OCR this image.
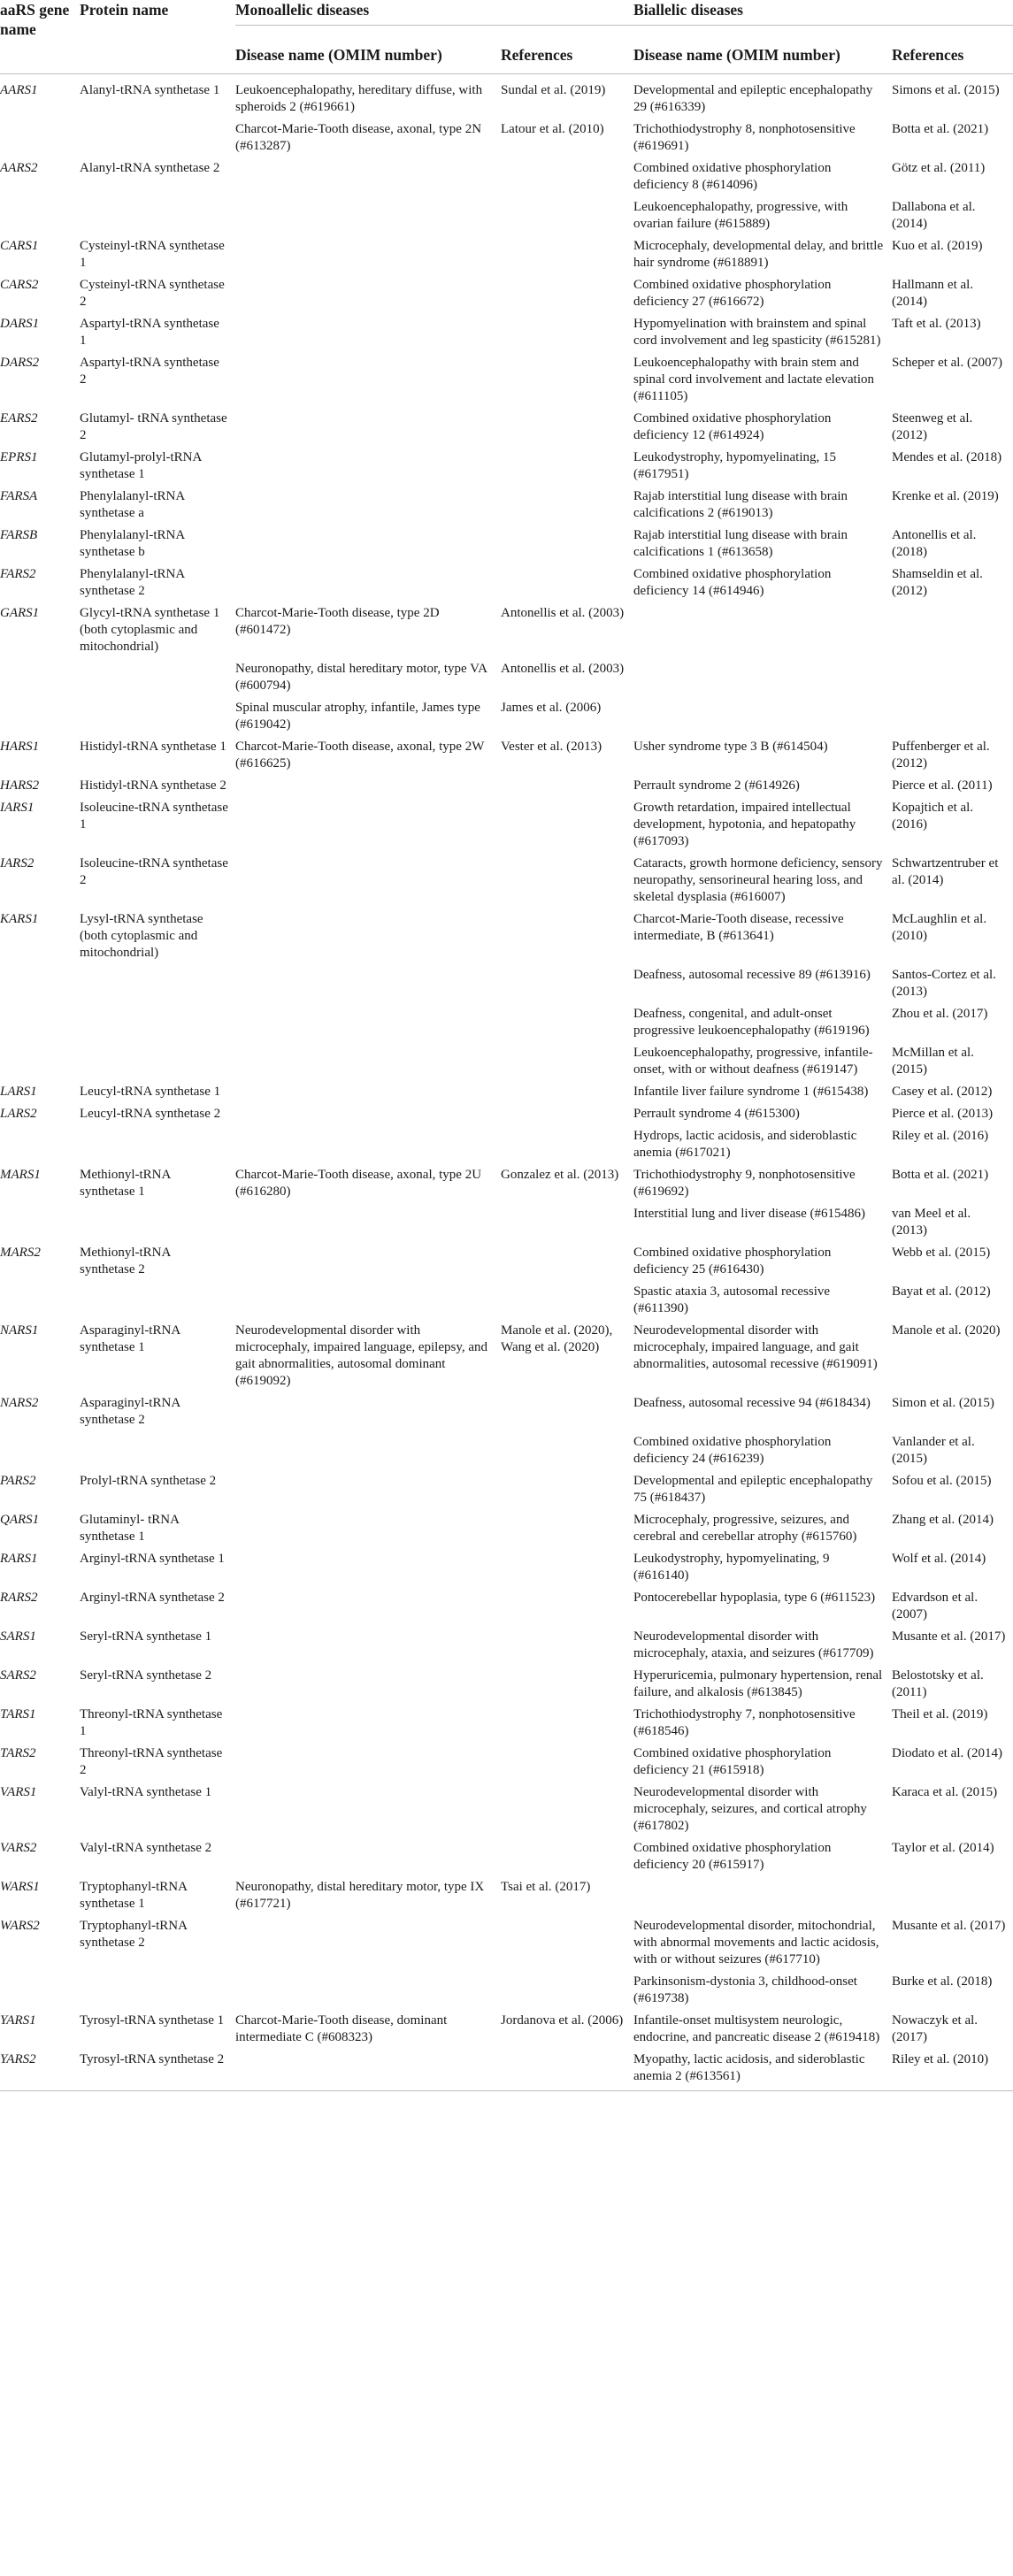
aaRS gene name	Protein name	Monoallelic diseases		Biallelic diseases	
		Disease name (OMIM number)	References	Disease name (OMIM number)	References
AARS1	Alanyl-tRNA synthetase 1	Leukoencephalopathy, hereditary diffuse, with spheroids 2 (#619661)	Sundal et al. (2019)	Developmental and epileptic encephalopathy 29 (#616339)	Simons et al. (2015)
		Charcot-Marie-Tooth disease, axonal, type 2N (#613287)	Latour et al. (2010)	Trichothiodystrophy 8, nonphotosensitive (#619691)	Botta et al. (2021)
AARS2	Alanyl-tRNA synthetase 2			Combined oxidative phosphorylation deficiency 8 (#614096)	Götz et al. (2011)
				Leukoencephalopathy, progressive, with ovarian failure (#615889)	Dallabona et al. (2014)
CARS1	Cysteinyl-tRNA synthetase 1			Microcephaly, developmental delay, and brittle hair syndrome (#618891)	Kuo et al. (2019)
CARS2	Cysteinyl-tRNA synthetase 2			Combined oxidative phosphorylation deficiency 27 (#616672)	Hallmann et al. (2014)
DARS1	Aspartyl-tRNA synthetase 1			Hypomyelination with brainstem and spinal cord involvement and leg spasticity (#615281)	Taft et al. (2013)
DARS2	Aspartyl-tRNA synthetase 2			Leukoencephalopathy with brain stem and spinal cord involvement and lactate elevation (#611105)	Scheper et al. (2007)
EARS2	Glutamyl- tRNA synthetase 2			Combined oxidative phosphorylation deficiency 12 (#614924)	Steenweg et al. (2012)
EPRS1	Glutamyl-prolyl-tRNA synthetase 1			Leukodystrophy, hypomyelinating, 15 (#617951)	Mendes et al. (2018)
FARSA	Phenylalanyl-tRNA synthetase a			Rajab interstitial lung disease with brain calcifications 2 (#619013)	Krenke et al. (2019)
FARSB	Phenylalanyl-tRNA synthetase b			Rajab interstitial lung disease with brain calcifications 1 (#613658)	Antonellis et al. (2018)
FARS2	Phenylalanyl-tRNA synthetase 2			Combined oxidative phosphorylation deficiency 14 (#614946)	Shamseldin et al. (2012)
GARS1	Glycyl-tRNA synthetase 1 (both cytoplasmic and mitochondrial)	Charcot-Marie-Tooth disease, type 2D (#601472)	Antonellis et al. (2003)		
		Neuronopathy, distal hereditary motor, type VA (#600794)	Antonellis et al. (2003)		
		Spinal muscular atrophy, infantile, James type (#619042)	James et al. (2006)		
HARS1	Histidyl-tRNA synthetase 1	Charcot-Marie-Tooth disease, axonal, type 2W (#616625)	Vester et al. (2013)	Usher syndrome type 3 B (#614504)	Puffenberger et al. (2012)
HARS2	Histidyl-tRNA synthetase 2			Perrault syndrome 2 (#614926)	Pierce et al. (2011)
IARS1	Isoleucine-tRNA synthetase 1			Growth retardation, impaired intellectual development, hypotonia, and hepatopathy (#617093)	Kopajtich et al. (2016)
IARS2	Isoleucine-tRNA synthetase 2			Cataracts, growth hormone deficiency, sensory neuropathy, sensorineural hearing loss, and skeletal dysplasia (#616007)	Schwartzentruber et al. (2014)
KARS1	Lysyl-tRNA synthetase (both cytoplasmic and mitochondrial)			Charcot-Marie-Tooth disease, recessive intermediate, B (#613641)	McLaughlin et al. (2010)
				Deafness, autosomal recessive 89 (#613916)	Santos-Cortez et al. (2013)
				Deafness, congenital, and adult-onset progressive leukoencephalopathy (#619196)	Zhou et al. (2017)
				Leukoencephalopathy, progressive, infantile-onset, with or without deafness (#619147)	McMillan et al. (2015)
LARS1	Leucyl-tRNA synthetase 1			Infantile liver failure syndrome 1 (#615438)	Casey et al. (2012)
LARS2	Leucyl-tRNA synthetase 2			Perrault syndrome 4 (#615300)	Pierce et al. (2013)
				Hydrops, lactic acidosis, and sideroblastic anemia (#617021)	Riley et al. (2016)
MARS1	Methionyl-tRNA synthetase 1	Charcot-Marie-Tooth disease, axonal, type 2U (#616280)	Gonzalez et al. (2013)	Trichothiodystrophy 9, nonphotosensitive (#619692)	Botta et al. (2021)
				Interstitial lung and liver disease (#615486)	van Meel et al. (2013)
MARS2	Methionyl-tRNA synthetase 2			Combined oxidative phosphorylation deficiency 25 (#616430)	Webb et al. (2015)
				Spastic ataxia 3, autosomal recessive (#611390)	Bayat et al. (2012)
NARS1	Asparaginyl-tRNA synthetase 1	Neurodevelopmental disorder with microcephaly, impaired language, epilepsy, and gait abnormalities, autosomal dominant (#619092)	Manole et al. (2020), Wang et al. (2020)	Neurodevelopmental disorder with microcephaly, impaired language, and gait abnormalities, autosomal recessive (#619091)	Manole et al. (2020)
NARS2	Asparaginyl-tRNA synthetase 2			Deafness, autosomal recessive 94 (#618434)	Simon et al. (2015)
				Combined oxidative phosphorylation deficiency 24 (#616239)	Vanlander et al. (2015)
PARS2	Prolyl-tRNA synthetase 2			Developmental and epileptic encephalopathy 75 (#618437)	Sofou et al. (2015)
QARS1	Glutaminyl- tRNA synthetase 1			Microcephaly, progressive, seizures, and cerebral and cerebellar atrophy (#615760)	Zhang et al. (2014)
RARS1	Arginyl-tRNA synthetase 1			Leukodystrophy, hypomyelinating, 9 (#616140)	Wolf et al. (2014)
RARS2	Arginyl-tRNA synthetase 2			Pontocerebellar hypoplasia, type 6 (#611523)	Edvardson et al. (2007)
SARS1	Seryl-tRNA synthetase 1			Neurodevelopmental disorder with microcephaly, ataxia, and seizures (#617709)	Musante et al. (2017)
SARS2	Seryl-tRNA synthetase 2			Hyperuricemia, pulmonary hypertension, renal failure, and alkalosis (#613845)	Belostotsky et al. (2011)
TARS1	Threonyl-tRNA synthetase 1			Trichothiodystrophy 7, nonphotosensitive (#618546)	Theil et al. (2019)
TARS2	Threonyl-tRNA synthetase 2			Combined oxidative phosphorylation deficiency 21 (#615918)	Diodato et al. (2014)
VARS1	Valyl-tRNA synthetase 1			Neurodevelopmental disorder with microcephaly, seizures, and cortical atrophy (#617802)	Karaca et al. (2015)
VARS2	Valyl-tRNA synthetase 2			Combined oxidative phosphorylation deficiency 20 (#615917)	Taylor et al. (2014)
WARS1	Tryptophanyl-tRNA synthetase 1	Neuronopathy, distal hereditary motor, type IX (#617721)	Tsai et al. (2017)		
WARS2	Tryptophanyl-tRNA synthetase 2			Neurodevelopmental disorder, mitochondrial, with abnormal movements and lactic acidosis, with or without seizures (#617710)	Musante et al. (2017)
				Parkinsonism-dystonia 3, childhood-onset (#619738)	Burke et al. (2018)
YARS1	Tyrosyl-tRNA synthetase 1	Charcot-Marie-Tooth disease, dominant intermediate C (#608323)	Jordanova et al. (2006)	Infantile-onset multisystem neurologic, endocrine, and pancreatic disease 2 (#619418)	Nowaczyk et al. (2017)
YARS2	Tyrosyl-tRNA synthetase 2			Myopathy, lactic acidosis, and sideroblastic anemia 2 (#613561)	Riley et al. (2010)
